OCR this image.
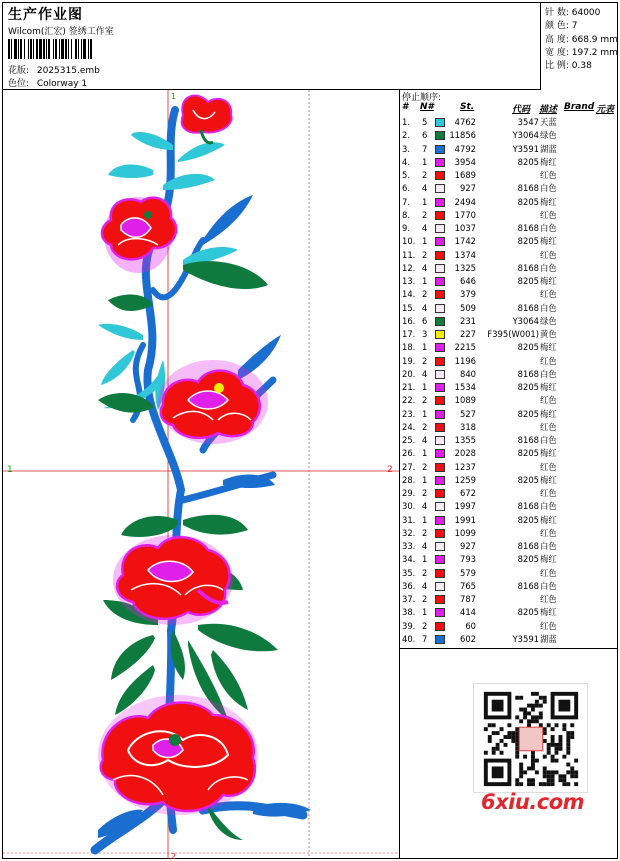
生产作业图
Wilcom(汇宏) 签绣工作室
花版: 2025315.emb
色位: Colorway 1
针 数: 64000
颜 色: 7
高 度: 668.9 mm
宽 度: 197.2 mm
比 例: 0.38
1	2
1
2
停止顺序:
# N#	St.	代码 描述 Brand 元表
1. 5	4762	3547 天蓝
2. 6	11856	Y3064 绿色
3. 7	4792	Y3591 湖蓝
4. 1	3954	8205 梅红
5. 2	1689	红色
6. 4	927	8168 白色
7. 1	2494	8205 梅红
8. 2	1770	红色
9. 4	1037	8168 白色
10. 1	1742	8205 梅红
11. 2	1374	红色
12. 4	1325	8168 白色
13. 1	646	8205 梅红
14. 2	379	红色
15. 4	509	8168 白色
16. 6	231	Y3064 绿色
17. 3	227	F395(W001) 黄色
18. 1	2215	8205 梅红
19. 2	1196	红色
20. 4	840	8168 白色
21. 1	1534	8205 梅红
22. 2	1089	红色
23. 1	527	8205 梅红
24. 2	318	红色
25. 4	1355	8168 白色
26. 1	2028	8205 梅红
27. 2	1237	红色
28. 1	1259	8205 梅红
29. 2	672	红色
30. 4	1997	8168 白色
31. 1	1991	8205 梅红
32. 2	1099	红色
33. 4	927	8168 白色
34. 1	793	8205 梅红
35. 2	579	红色
36. 4	765	8168 白色
37. 2	787	红色
38. 1	414	8205 梅红
39. 2	60	红色
40. 7	602	Y3591 湖蓝
6xiu.com
